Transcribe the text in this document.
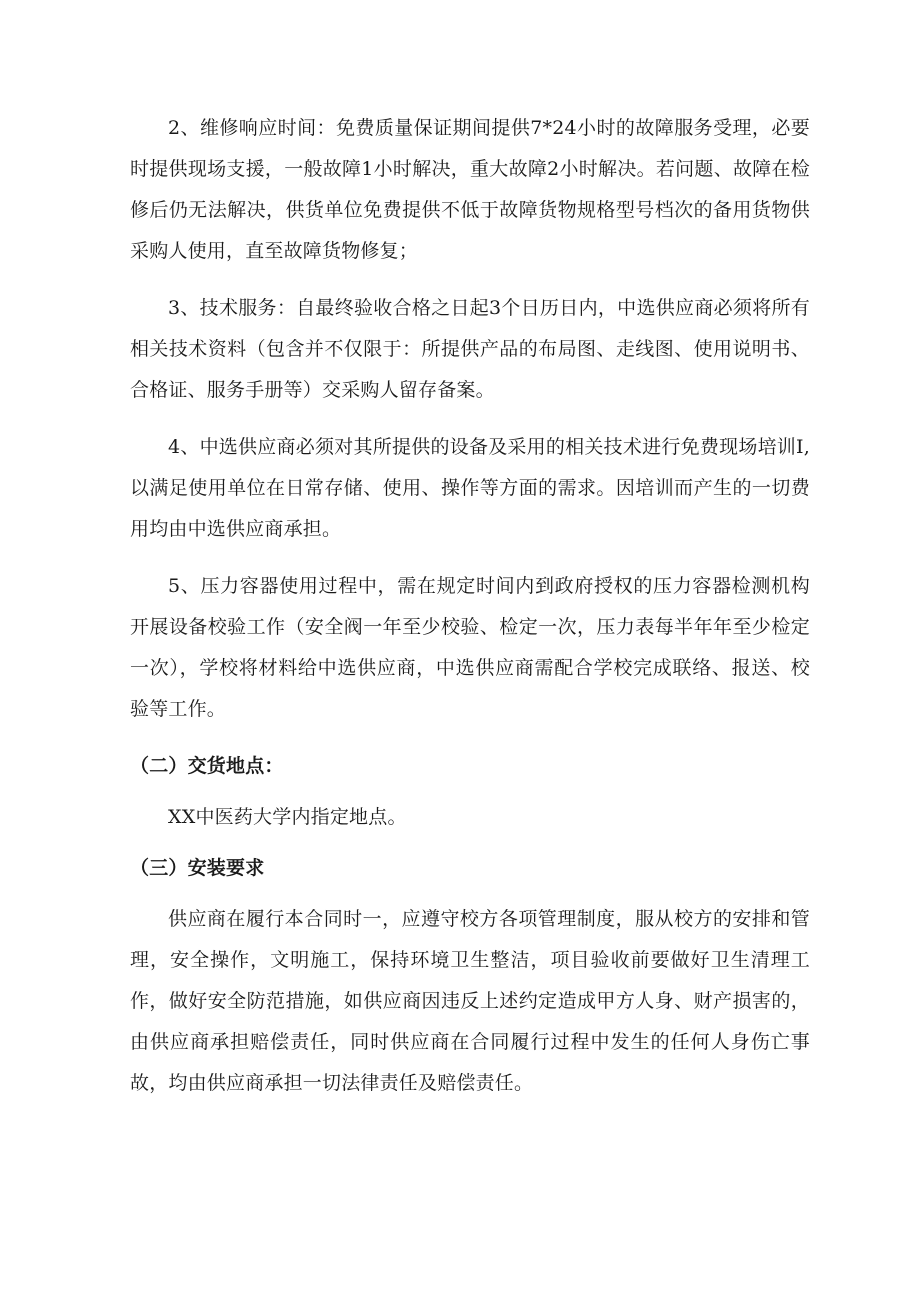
2、维修响应时间：免费质量保证期间提供7*24小时的故障服务受理，必要时提供现场支援，一般故障1小时解决，重大故障2小时解决。若问题、故障在检修后仍无法解决，供货单位免费提供不低于故障货物规格型号档次的备用货物供采购人使用，直至故障货物修复；

3、技术服务：自最终验收合格之日起3个日历日内，中选供应商必须将所有相关技术资料（包含并不仅限于：所提供产品的布局图、走线图、使用说明书、合格证、服务手册等）交采购人留存备案。

4、中选供应商必须对其所提供的设备及采用的相关技术进行免费现场培训I,以满足使用单位在日常存储、使用、操作等方面的需求。因培训而产生的一切费用均由中选供应商承担。

5、压力容器使用过程中，需在规定时间内到政府授权的压力容器检测机构开展设备校验工作（安全阀一年至少校验、检定一次，压力表每半年年至少检定一次），学校将材料给中选供应商，中选供应商需配合学校完成联络、报送、校验等工作。

（二）交货地点：

XX中医药大学内指定地点。

（三）安装要求

供应商在履行本合同时一，应遵守校方各项管理制度，服从校方的安排和管理，安全操作，文明施工，保持环境卫生整洁，项目验收前要做好卫生清理工作，做好安全防范措施，如供应商因违反上述约定造成甲方人身、财产损害的，由供应商承担赔偿责任，同时供应商在合同履行过程中发生的任何人身伤亡事故，均由供应商承担一切法律责任及赔偿责任。
